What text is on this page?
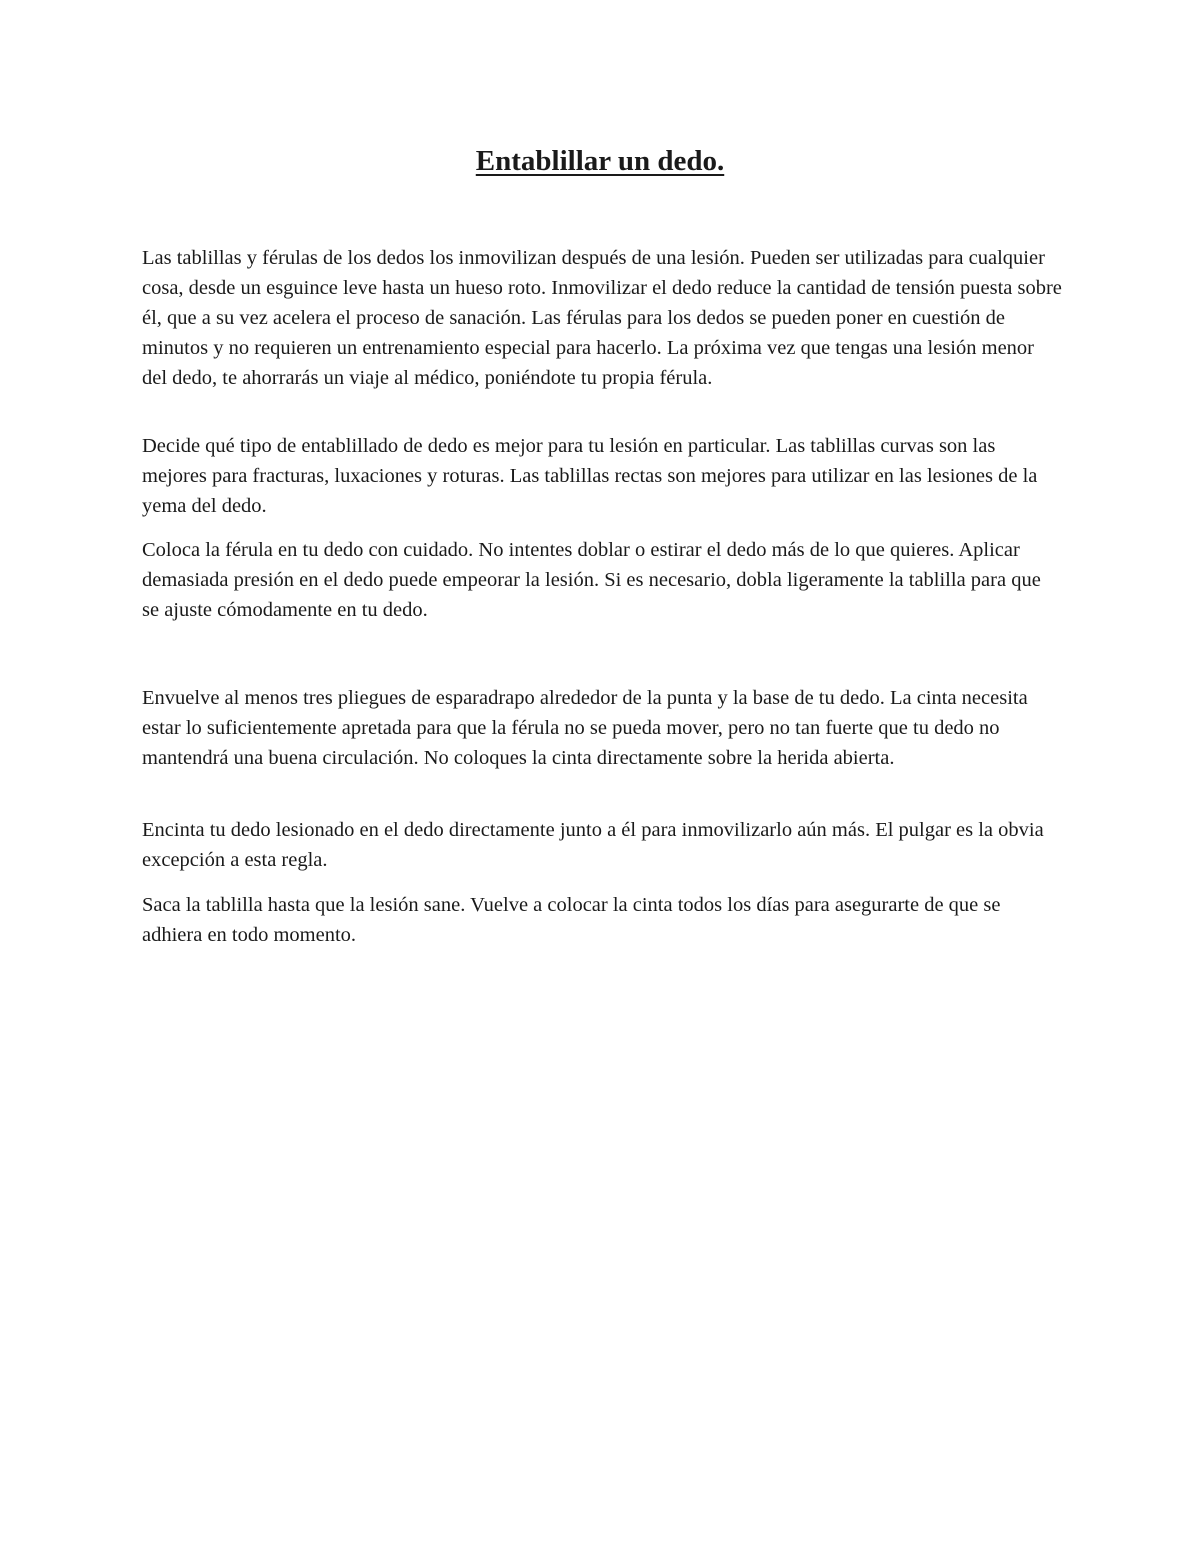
Entablillar un dedo.

Las tablillas y férulas de los dedos los inmovilizan después de una lesión. Pueden ser utilizadas para cualquier cosa, desde un esguince leve hasta un hueso roto. Inmovilizar el dedo reduce la cantidad de tensión puesta sobre él, que a su vez acelera el proceso de sanación. Las férulas para los dedos se pueden poner en cuestión de minutos y no requieren un entrenamiento especial para hacerlo. La próxima vez que tengas una lesión menor del dedo, te ahorrarás un viaje al médico, poniéndote tu propia férula.

Decide qué tipo de entablillado de dedo es mejor para tu lesión en particular. Las tablillas curvas son las mejores para fracturas, luxaciones y roturas. Las tablillas rectas son mejores para utilizar en las lesiones de la yema del dedo.

Coloca la férula en tu dedo con cuidado. No intentes doblar o estirar el dedo más de lo que quieres. Aplicar demasiada presión en el dedo puede empeorar la lesión. Si es necesario, dobla ligeramente la tablilla para que se ajuste cómodamente en tu dedo.

Envuelve al menos tres pliegues de esparadrapo alrededor de la punta y la base de tu dedo. La cinta necesita estar lo suficientemente apretada para que la férula no se pueda mover, pero no tan fuerte que tu dedo no mantendrá una buena circulación. No coloques la cinta directamente sobre la herida abierta.

Encinta tu dedo lesionado en el dedo directamente junto a él para inmovilizarlo aún más. El pulgar es la obvia excepción a esta regla.

Saca la tablilla hasta que la lesión sane. Vuelve a colocar la cinta todos los días para asegurarte de que se adhiera en todo momento.
